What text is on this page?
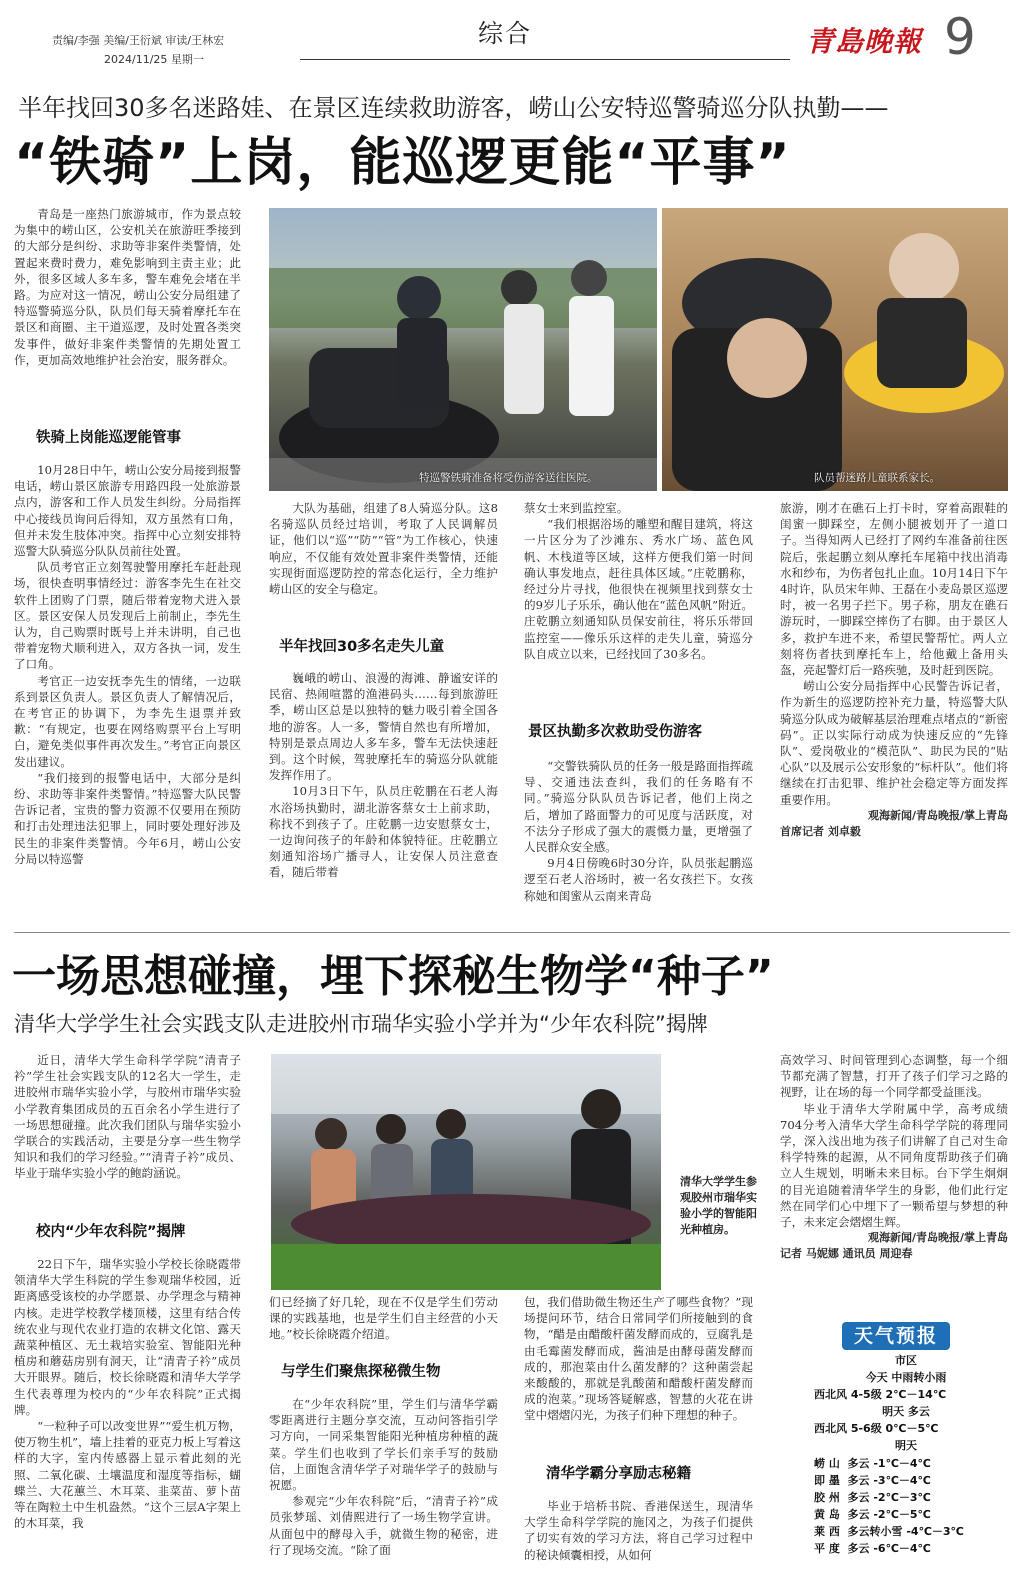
责编/李强 美编/王衍斌 审读/王林宏
2024/11/25 星期一
综合	青島晚報 9
半年找回30多名迷路娃、在景区连续救助游客，崂山公安特巡警骑巡分队执勤——
“铁骑”上岗，能巡逻更能“平事”

青岛是一座热门旅游城市，作为景点较为集中的崂山区，公安机关在旅游旺季接到的大部分是纠纷、求助等非案件类警情，处置起来费时费力，难免影响到主责主业；此外，很多区域人多车多，警车难免会堵在半路。为应对这一情况，崂山公安分局组建了特巡警骑巡分队，队员们每天骑着摩托车在景区和商圈、主干道巡逻，及时处置各类突发事件，做好非案件类警情的先期处置工作，更加高效地维护社会治安，服务群众。

铁骑上岗能巡逻能管事

10月28日中午，崂山公安分局接到报警电话，崂山景区旅游专用路四段一处旅游景点内，游客和工作人员发生纠纷。分局指挥中心接线员询问后得知，双方虽然有口角，但并未发生肢体冲突。指挥中心立刻安排特巡警大队骑巡分队队员前往处置。

队员考官正立刻驾驶警用摩托车赶赴现场，很快查明事情经过：游客李先生在社交软件上团购了门票，随后带着宠物犬进入景区。景区安保人员发现后上前制止，李先生认为，自己购票时既号上并未讲明，自己也带着宠物犬顺利进入，双方各执一词，发生了口角。

考官正一边安抚李先生的情绪，一边联系到景区负责人。景区负责人了解情况后，在考官正的协调下，为李先生退票并致歉：“有规定，也要在网络购票平台上写明白，避免类似事件再次发生。”考官正向景区发出建议。

“我们接到的报警电话中，大部分是纠纷、求助等非案件类警情。”特巡警大队民警告诉记者，宝贵的警力资源不仅要用在预防和打击处理违法犯罪上，同时要处理好涉及民生的非案件类警情。今年6月，崂山公安分局以特巡警

特巡警铁骑准备将受伤游客送往医院。	队员帮迷路儿童联系家长。

大队为基础，组建了8人骑巡分队。这8名骑巡队员经过培训，考取了人民调解员证，他们以“巡”“防”“管”为工作核心，快速响应，不仅能有效处置非案件类警情，还能实现街面巡逻防控的常态化运行，全力维护崂山区的安全与稳定。

半年找回30多名走失儿童

巍峨的崂山、浪漫的海滩、静谧安详的民宿、热闹喧嚣的渔港码头……每到旅游旺季，崂山区总是以独特的魅力吸引着全国各地的游客。人一多，警情自然也有所增加，特别是景点周边人多车多，警车无法快速赶到。这个时候，驾驶摩托车的骑巡分队就能发挥作用了。

10月3日下午，队员庄乾鹏在石老人海水浴场执勤时，湖北游客蔡女士上前求助，称找不到孩子了。庄乾鹏一边安慰蔡女士，一边询问孩子的年龄和体貌特征。庄乾鹏立刻通知浴场广播寻人，让安保人员注意查看，随后带着

蔡女士来到监控室。

“我们根据浴场的雕塑和醒目建筑，将这一片区分为了沙滩东、秀水广场、蓝色风帆、木栈道等区域，这样方便我们第一时间确认事发地点，赶往具体区域。”庄乾鹏称，经过分片寻找，他很快在视频里找到蔡女士的9岁儿子乐乐，确认他在“蓝色风帆”附近。庄乾鹏立刻通知队员保安前往，将乐乐带回监控室——像乐乐这样的走失儿童，骑巡分队自成立以来，已经找回了30多名。

景区执勤多次救助受伤游客

“交警铁骑队员的任务一般是路面指挥疏导、交通违法查纠，我们的任务略有不同。”骑巡分队队员告诉记者，他们上岗之后，增加了路面警力的可见度与活跃度，对不法分子形成了强大的震慑力量，更增强了人民群众安全感。

9月4日傍晚6时30分许，队员张起鹏巡逻至石老人浴场时，被一名女孩拦下。女孩称她和闺蜜从云南来青岛

旅游，刚才在礁石上打卡时，穿着高跟鞋的闺蜜一脚踩空，左侧小腿被划开了一道口子。当得知两人已经打了网约车准备前往医院后，张起鹏立刻从摩托车尾箱中找出消毒水和纱布，为伤者包扎止血。10月14日下午4时许，队员宋年帅、王磊在小麦岛景区巡逻时，被一名男子拦下。男子称，朋友在礁石游玩时，一脚踩空摔伤了右脚。由于景区人多，救护车进不来，希望民警帮忙。两人立刻将伤者扶到摩托车上，给他戴上备用头盔，亮起警灯后一路疾驰，及时赶到医院。

崂山公安分局指挥中心民警告诉记者，作为新生的巡逻防控补充力量，特巡警大队骑巡分队成为破解基层治理难点堵点的“新密码”。正以实际行动成为快速反应的“先锋队”、爱岗敬业的“模范队”、助民为民的“贴心队”以及展示公安形象的“标杆队”。他们将继续在打击犯罪、维护社会稳定等方面发挥重要作用。

观海新闻/青岛晚报/掌上青岛

首席记者 刘卓毅

一场思想碰撞，埋下探秘生物学“种子”
清华大学学生社会实践支队走进胶州市瑞华实验小学并为“少年农科院”揭牌

近日，清华大学生命科学学院“清青子衿”学生社会实践支队的12名大一学生，走进胶州市瑞华实验小学，与胶州市瑞华实验小学教育集团成员的五百余名小学生进行了一场思想碰撞。此次我们团队与瑞华实验小学联合的实践活动，主要是分享一些生物学知识和我们的学习经验。”“清青子衿”成员、毕业于瑞华实验小学的鲍韵涵说。

校内“少年农科院”揭牌

22日下午，瑞华实验小学校长徐晓霞带领清华大学生科院的学生参观瑞华校园，近距离感受该校的办学愿景、办学理念与精神内核。走进学校教学楼顶楼，这里有结合传统农业与现代农业打造的农耕文化馆、露天蔬菜种植区、无土栽培实验室、智能阳光种植房和蘑菇房别有洞天，让“清青子衿”成员大开眼界。随后，校长徐晓霞和清华大学学生代表尊理为校内的“少年农科院”正式揭牌。

“一粒种子可以改变世界”“爱生机万物，使万物生机”，墙上挂着的亚克力板上写着这样的大字，室内传感器上显示着此刻的光照、二氧化碳、土壤温度和湿度等指标，蝴蝶兰、大花蕙兰、木耳菜、韭菜苗、萝卜苗等在陶粒土中生机盎然。“这个三层A字架上的木耳菜，我

清华大学学生参观胶州市瑞华实验小学的智能阳光种植房。

们已经摘了好几轮，现在不仅是学生们劳动课的实践基地，也是学生们自主经营的小天地。”校长徐晓霞介绍道。

与学生们聚焦探秘微生物

在“少年农科院”里，学生们与清华学霸零距离进行主题分享交流，互动问答指引学习方向，一同采集智能阳光种植房种植的蔬菜。学生们也收到了学长们亲手写的鼓励信，上面饱含清华学子对瑞华学子的鼓励与祝愿。

参观完“少年农科院”后，“清青子衿”成员张梦瑶、刘倩熙进行了一场生物学宣讲。从面包中的酵母入手，就微生物的秘密，进行了现场交流。“除了面

包，我们借助微生物还生产了哪些食物？”现场提问环节，结合日常同学们所接触到的食物，“醋是由醋酸杆菌发酵而成的，豆腐乳是由毛霉菌发酵而成，酱油是由酵母菌发酵而成的，那泡菜由什么菌发酵的？这种菌尝起来酸酸的，那就是乳酸菌和醋酸杆菌发酵而成的泡菜。”现场答疑解惑，智慧的火花在讲堂中熠熠闪光，为孩子们种下理想的种子。

清华学霸分享励志秘籍

毕业于培桥书院、香港保送生，现清华大学生命科学学院的施冈之，为孩子们提供了切实有效的学习方法，将自己学习过程中的秘诀倾囊相授，从如何

高效学习、时间管理到心态调整，每一个细节都充满了智慧，打开了孩子们学习之路的视野，让在场的每一个同学都受益匪浅。

毕业于清华大学附属中学，高考成绩704分考入清华大学生命科学学院的蒋理同学，深入浅出地为孩子们讲解了自己对生命科学特殊的起源，从不同角度帮助孩子们确立人生规划，明晰未来目标。台下学生炯炯的目光追随着清华学生的身影，他们此行定然在同学们心中埋下了一颗希望与梦想的种子，未来定会熠熠生辉。

观海新闻/青岛晚报/掌上青岛

记者 马妮娜 通讯员 周迎春

天气预报
市区
今天 中雨转小雨
西北风 4-5级 2℃－14℃
明天 多云
西北风 5-6级 0℃－5℃
明天
崂 山 多云 -1℃－4℃
即 墨 多云 -3℃－4℃
胶 州 多云 -2℃－3℃
黄 岛 多云 -2℃－5℃
莱 西 多云转小雪 -4℃－3℃
平 度 多云 -6℃－4℃
